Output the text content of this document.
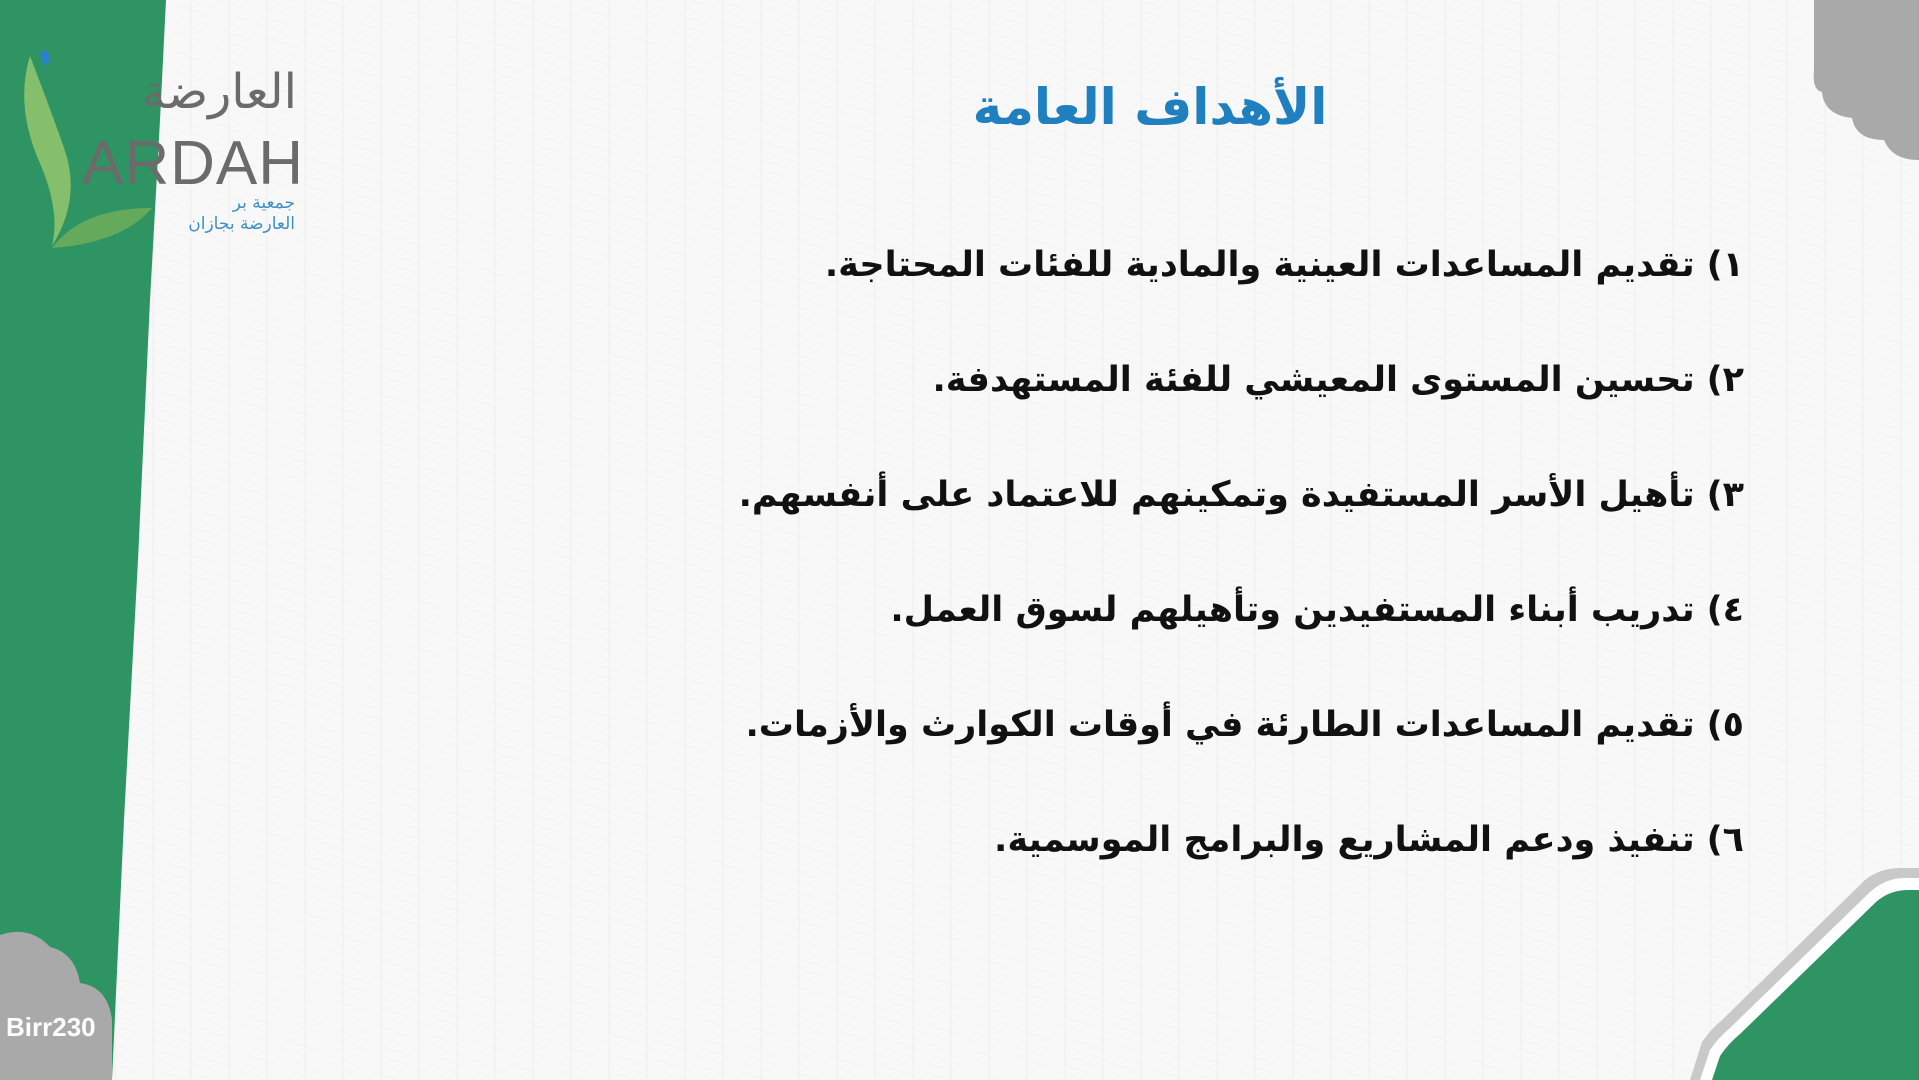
العارضة
ARDAH
جمعية بر
العارضة بجازان
الأهداف العامة
١)تقديم المساعدات العينية والمادية للفئات المحتاجة.
٢)تحسين المستوى المعيشي للفئة المستهدفة.
٣)تأهيل الأسر المستفيدة وتمكينهم للاعتماد على أنفسهم.
٤)تدريب أبناء المستفيدين وتأهيلهم لسوق العمل.
٥)تقديم المساعدات الطارئة في أوقات الكوارث والأزمات.
٦)تنفيذ ودعم المشاريع والبرامج الموسمية.
Birr230
